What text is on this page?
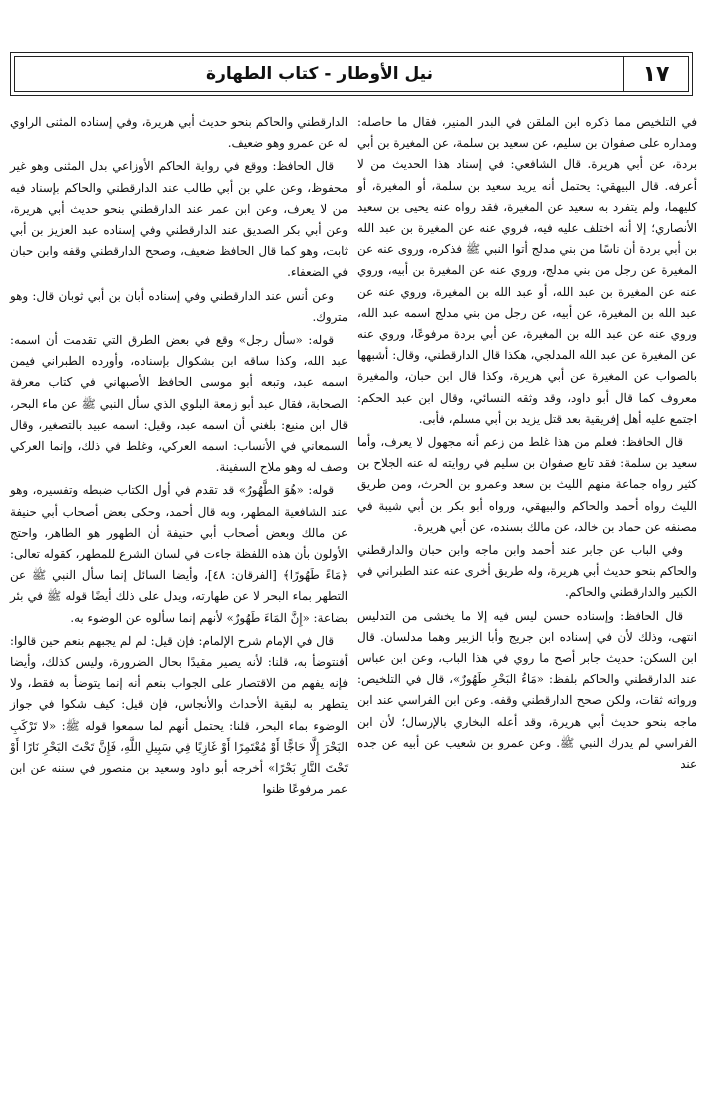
١٧
نيل الأوطار - كتاب الطهارة

في التلخيص مما ذكره ابن الملقن في البدر المنير، فقال ما حاصله: ومداره على صفوان بن سليم، عن سعيد بن سلمة، عن المغيرة بن أبي بردة، عن أبي هريرة. قال الشافعي: في إسناد هذا الحديث من لا أعرفه. قال البيهقي: يحتمل أنه يريد سعيد بن سلمة، أو المغيرة، أو كليهما، ولم يتفرد به سعيد عن المغيرة، فقد رواه عنه يحيى بن سعيد الأنصاري؛ إلا أنه اختلف عليه فيه، فروي عنه عن المغيرة بن عبد الله بن أبي بردة أن ناسًا من بني مدلج أتوا النبي ﷺ فذكره، وروى عنه عن المغيرة عن رجل من بني مدلج، وروي عنه عن المغيرة بن أبيه، وروي عنه عن المغيرة بن عبد الله، أو عبد الله بن المغيرة، وروي عنه عن عبد الله بن المغيرة، عن أبيه، عن رجل من بني مدلج اسمه عبد الله، وروي عنه عن عبد الله بن المغيرة، عن أبي بردة مرفوعًا، وروي عنه عن المغيرة عن عبد الله المدلجي، هكذا قال الدارقطني، وقال: أشبهها بالصواب عن المغيرة عن أبي هريرة، وكذا قال ابن حبان، والمغيرة معروف كما قال أبو داود، وقد وثقه النسائي، وقال ابن عبد الحكم: اجتمع عليه أهل إفريقية بعد قتل يزيد بن أبي مسلم، فأبى.

قال الحافظ: فعلم من هذا غلط من زعم أنه مجهول لا يعرف، وأما سعيد بن سلمة: فقد تابع صفوان بن سليم في روايته له عنه الجلاح بن كثير رواه جماعة منهم الليث بن سعد وعمرو بن الحرث، ومن طريق الليث رواه أحمد والحاكم والبيهقي، ورواه أبو بكر بن أبي شيبة في مصنفه عن حماد بن خالد، عن مالك بسنده، عن أبي هريرة.

وفي الباب عن جابر عند أحمد وابن ماجه وابن حبان والدارقطني والحاكم بنحو حديث أبي هريرة، وله طريق أخرى عنه عند الطبراني في الكبير والدارقطني والحاكم.

قال الحافظ: وإسناده حسن ليس فيه إلا ما يخشى من التدليس انتهى، وذلك لأن في إسناده ابن جريج وأبا الزبير وهما مدلسان. قال ابن السكن: حديث جابر أصح ما روي في هذا الباب، وعن ابن عباس عند الدارقطني والحاكم بلفظ: «مَاءُ البَحْرِ طَهُورٌ»، قال في التلخيص: ورواته ثقات، ولكن صحح الدارقطني وقفه. وعن ابن الفراسي عند ابن ماجه بنحو حديث أبي هريرة، وقد أعله البخاري بالإرسال؛ لأن ابن الفراسي لم يدرك النبي ﷺ. وعن عمرو بن شعيب عن أبيه عن جده عند

الدارقطني والحاكم بنحو حديث أبي هريرة، وفي إسناده المثنى الراوي له عن عمرو وهو ضعيف.

قال الحافظ: ووقع في رواية الحاكم الأوزاعي بدل المثنى وهو غير محفوظ، وعن علي بن أبي طالب عند الدارقطني والحاكم بإسناد فيه من لا يعرف، وعن ابن عمر عند الدارقطني بنحو حديث أبي هريرة، وعن أبي بكر الصديق عند الدارقطني وفي إسناده عبد العزيز بن أبي ثابت، وهو كما قال الحافظ ضعيف، وصحح الدارقطني وقفه وابن حبان في الضعفاء.

وعن أنس عند الدارقطني وفي إسناده أبان بن أبي ثوبان قال: وهو متروك.

قوله: «سأل رجل» وقع في بعض الطرق التي تقدمت أن اسمه: عبد الله، وكذا ساقه ابن بشكوال بإسناده، وأورده الطبراني فيمن اسمه عبد، وتبعه أبو موسى الحافظ الأصبهاني في كتاب معرفة الصحابة، فقال عبد أبو زمعة البلوي الذي سأل النبي ﷺ عن ماء البحر، قال ابن منيع: بلغني أن اسمه عبد، وقيل: اسمه عبيد بالتصغير، وقال السمعاني في الأنساب: اسمه العركي، وغلط في ذلك، وإنما العركي وصف له وهو ملاح السفينة.

قوله: «هُوَ الطَّهُورُ» قد تقدم في أول الكتاب ضبطه وتفسيره، وهو عند الشافعية المطهر، وبه قال أحمد، وحكى بعض أصحاب أبي حنيفة عن مالك وبعض أصحاب أبي حنيفة أن الطهور هو الطاهر، واحتج الأولون بأن هذه اللفظة جاءت في لسان الشرع للمطهر، كقوله تعالى: ﴿مَاءً طَهُورًا﴾ [الفرقان: ٤٨]، وأيضا السائل إنما سأل النبي ﷺ عن التطهر بماء البحر لا عن طهارته، ويدل على ذلك أيضًا قوله ﷺ في بئر بضاعة: «إِنَّ المَاءَ طَهُورٌ» لأنهم إنما سألوه عن الوضوء به.

قال في الإمام شرح الإلمام: فإن قيل: لم لم يجبهم بنعم حين قالوا: أفنتوضأ به، قلنا: لأنه يصير مقيدًا بحال الضرورة، وليس كذلك، وأيضا فإنه يفهم من الاقتصار على الجواب بنعم أنه إنما يتوضأ به فقط، ولا يتطهر به لبقية الأحداث والأنجاس، فإن قيل: كيف شكوا في جواز الوضوء بماء البحر، قلنا: يحتمل أنهم لما سمعوا قوله ﷺ: «لا تَرْكَبِ البَحْرَ إِلَّا حَاجًّا أَوْ مُعْتَمِرًا أَوْ غَازِيًا فِي سَبِيلِ اللَّهِ، فَإِنَّ تَحْتَ البَحْرِ نَارًا أَوْ تَحْتَ النَّارِ بَحْرًا» أخرجه أبو داود وسعيد بن منصور في سننه عن ابن عمر مرفوعًا ظنوا
